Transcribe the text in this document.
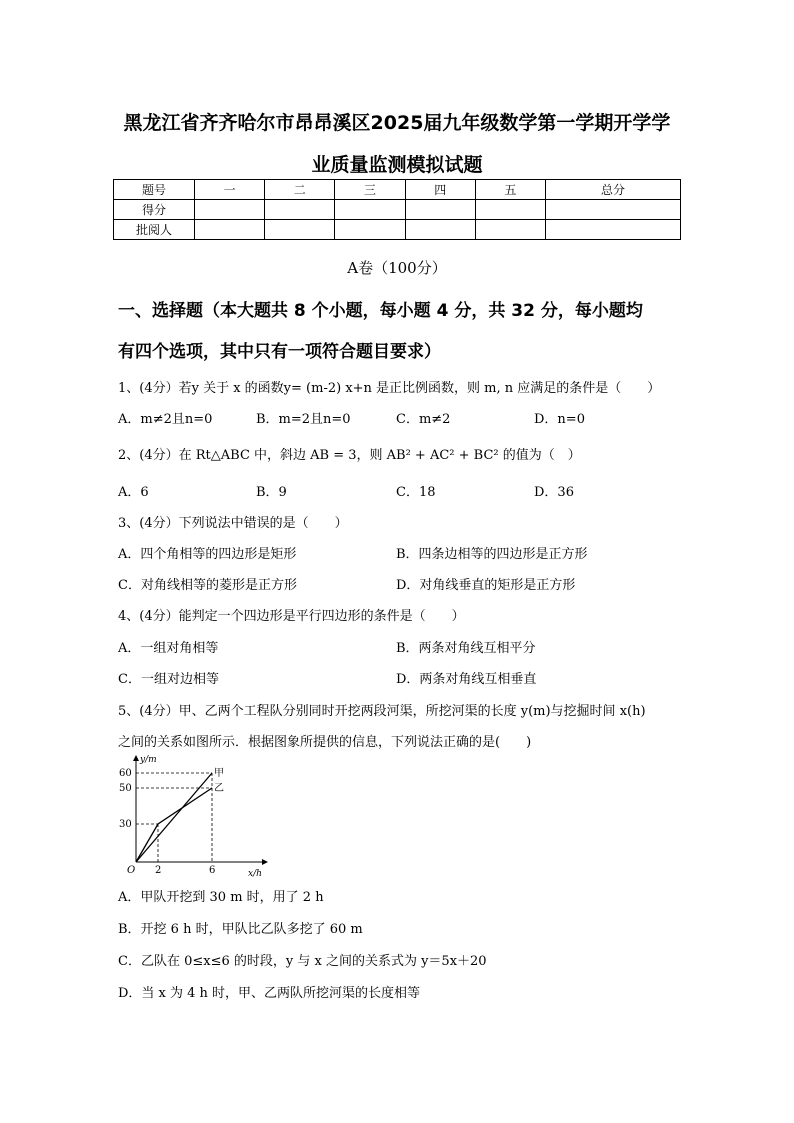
黑龙江省齐齐哈尔市昂昂溪区2025届九年级数学第一学期开学学
业质量监测模拟试题
题号	一	二	三	四	五	总分
得分						
批阅人						
A卷（100分）
一、选择题（本大题共 8 个小题，每小题 4 分，共 32 分，每小题均
有四个选项，其中只有一项符合题目要求）
1、(4分）若y 关于 x 的函数y= (m-2) x+n 是正比例函数，则 m, n 应满足的条件是（　　）
A．m≠2且n=0	B．m=2且n=0	C．m≠2	D．n=0
2、(4分）在 Rt△ABC 中，斜边 AB = 3，则 AB² + AC² + BC² 的值为（　）
A．6	B．9	C．18	D．36
3、(4分）下列说法中错误的是（　　）
A．四个角相等的四边形是矩形	B．四条边相等的四边形是正方形
C．对角线相等的菱形是正方形	D．对角线垂直的矩形是正方形
4、(4分）能判定一个四边形是平行四边形的条件是（　　）
A．一组对角相等	B．两条对角线互相平分
C．一组对边相等	D．两条对角线互相垂直
5、(4分）甲、乙两个工程队分别同时开挖两段河渠，所挖河渠的长度 y(m)与挖掘时间 x(h)
之间的关系如图所示．根据图象所提供的信息，下列说法正确的是(　　)
y/m
x/h
O
60
50
30
2	6
甲
乙
A．甲队开挖到 30 m 时，用了 2 h
B．开挖 6 h 时，甲队比乙队多挖了 60 m
C．乙队在 0≤x≤6 的时段，y 与 x 之间的关系式为 y＝5x＋20
D．当 x 为 4 h 时，甲、乙两队所挖河渠的长度相等
